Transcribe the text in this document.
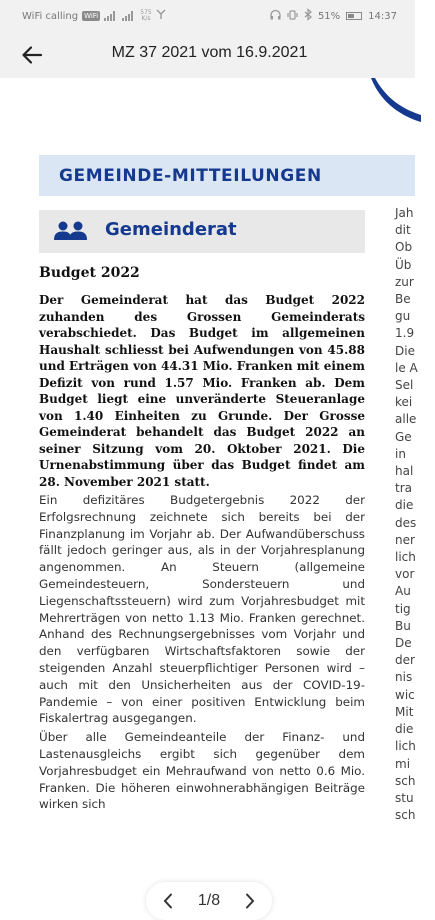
WiFi calling WiFi	575
K/s	51%	14:37
MZ 37 2021 vom 16.9.2021
GEMEINDE-MITTEILUNGEN
Gemeinderat
Budget 2022

Der Gemeinderat hat das Budget 2022 zuhanden des Grossen Gemeinderats verabschiedet. Das Budget im allgemeinen Haushalt schliesst bei Aufwendungen von 45.88 und Erträgen von 44.31 Mio. Franken mit einem Defizit von rund 1.57 Mio. Franken ab. Dem Budget liegt eine unveränderte Steueranlage von 1.40 Einheiten zu Grunde. Der Grosse Gemeinderat behandelt das Budget 2022 an seiner Sitzung vom 20. Oktober 2021. Die Urnenabstimmung über das Budget findet am 28. November 2021 statt.

Ein defizitäres Budgetergebnis 2022 der Erfolgsrechnung zeichnete sich bereits bei der Finanzplanung im Vorjahr ab. Der Aufwandüberschuss fällt jedoch geringer aus, als in der Vorjahresplanung angenommen. An Steuern (allgemeine Gemeindesteuern, Sondersteuern und Liegenschaftssteuern) wird zum Vorjahresbudget mit Mehrerträgen von netto 1.13 Mio. Franken gerechnet. Anhand des Rechnungsergebnisses vom Vorjahr und den verfügbaren Wirtschaftsfaktoren sowie der steigenden Anzahl steuerpflichtiger Personen wird – auch mit den Unsicherheiten aus der COVID-19-Pandemie – von einer positiven Entwicklung beim Fiskalertrag ausgegangen.

Über alle Gemeindeanteile der Finanz- und Lastenausgleichs ergibt sich gegenüber dem Vorjahresbudget ein Mehraufwand von netto 0.6 Mio. Franken. Die höheren einwohnerabhängigen Beiträge wirken sich

Jah
dit
Ob
Üb
zur
Be
gu
1.9
Die
le A
Sel
kei
alle
Ge
in
hal
tra
die
des
ner
lich
vor
Au
tig
Bu
De
der
nis
wic
Mit
die
lich
mi
sch
stu
sch
1/8
